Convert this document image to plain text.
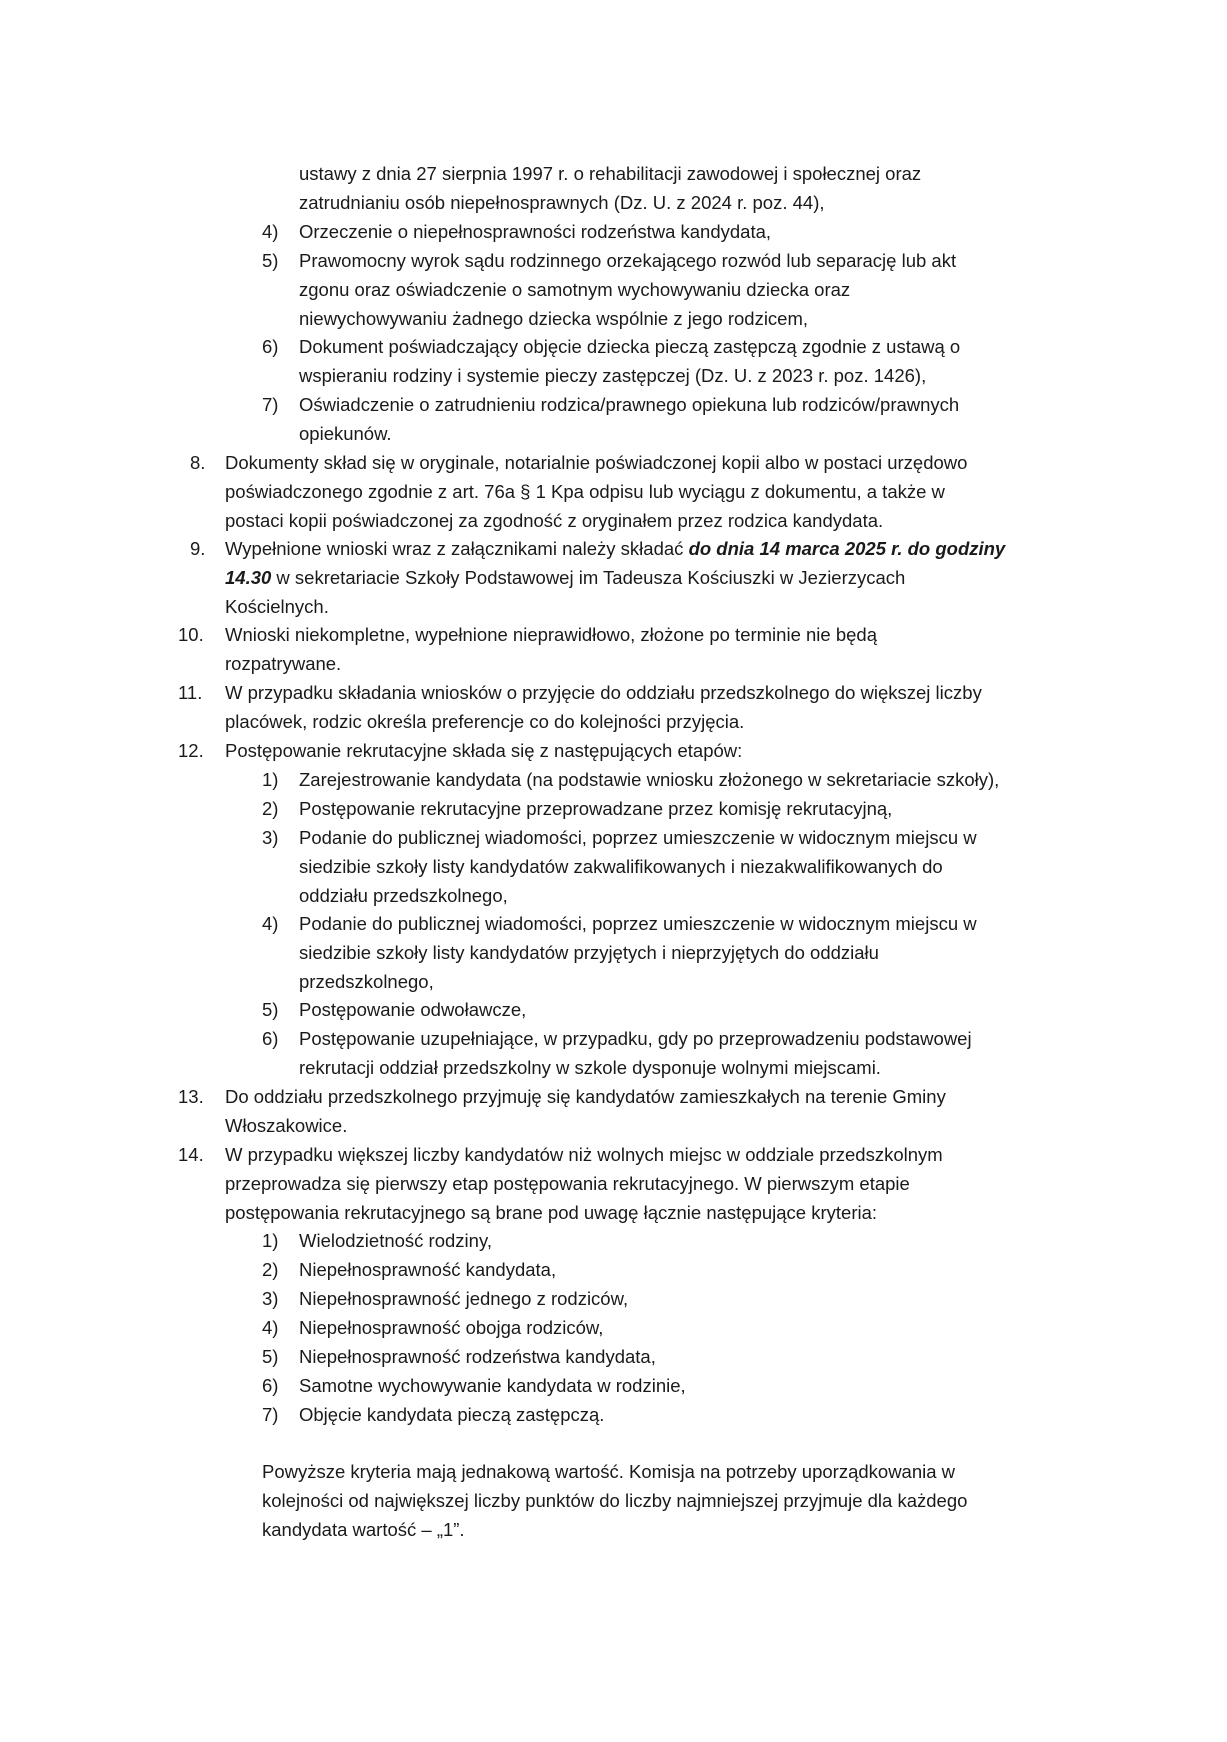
ustawy z dnia 27 sierpnia 1997 r. o rehabilitacji zawodowej i społecznej oraz
zatrudnianiu osób niepełnosprawnych (Dz. U. z 2024 r. poz. 44),
4) Orzeczenie o niepełnosprawności rodzeństwa kandydata,
5) Prawomocny wyrok sądu rodzinnego orzekającego rozwód lub separację lub akt
zgonu oraz oświadczenie o samotnym wychowywaniu dziecka oraz
niewychowywaniu żadnego dziecka wspólnie z jego rodzicem,
6) Dokument poświadczający objęcie dziecka pieczą zastępczą zgodnie z ustawą o
wspieraniu rodziny i systemie pieczy zastępczej (Dz. U. z 2023 r. poz. 1426),
7) Oświadczenie o zatrudnieniu rodzica/prawnego opiekuna lub rodziców/prawnych
opiekunów.
8. Dokumenty skład się w oryginale, notarialnie poświadczonej kopii albo w postaci urzędowo
poświadczonego zgodnie z art. 76a § 1 Kpa odpisu lub wyciągu z dokumentu, a także w
postaci kopii poświadczonej za zgodność z oryginałem przez rodzica kandydata.
9. Wypełnione wnioski wraz z załącznikami należy składać do dnia 14 marca 2025 r. do godziny
14.30 w sekretariacie Szkoły Podstawowej im Tadeusza Kościuszki w Jezierzycach
Kościelnych.
10. Wnioski niekompletne, wypełnione nieprawidłowo, złożone po terminie nie będą
rozpatrywane.
11. W przypadku składania wniosków o przyjęcie do oddziału przedszkolnego do większej liczby
placówek, rodzic określa preferencje co do kolejności przyjęcia.
12. Postępowanie rekrutacyjne składa się z następujących etapów:
1) Zarejestrowanie kandydata (na podstawie wniosku złożonego w sekretariacie szkoły),
2) Postępowanie rekrutacyjne przeprowadzane przez komisję rekrutacyjną,
3) Podanie do publicznej wiadomości, poprzez umieszczenie w widocznym miejscu w
siedzibie szkoły listy kandydatów zakwalifikowanych i niezakwalifikowanych do
oddziału przedszkolnego,
4) Podanie do publicznej wiadomości, poprzez umieszczenie w widocznym miejscu w
siedzibie szkoły listy kandydatów przyjętych i nieprzyjętych do oddziału
przedszkolnego,
5) Postępowanie odwoławcze,
6) Postępowanie uzupełniające, w przypadku, gdy po przeprowadzeniu podstawowej
rekrutacji oddział przedszkolny w szkole dysponuje wolnymi miejscami.
13. Do oddziału przedszkolnego przyjmuję się kandydatów zamieszkałych na terenie Gminy
Włoszakowice.
14. W przypadku większej liczby kandydatów niż wolnych miejsc w oddziale przedszkolnym
przeprowadza się pierwszy etap postępowania rekrutacyjnego. W pierwszym etapie
postępowania rekrutacyjnego są brane pod uwagę łącznie następujące kryteria:
1) Wielodzietność rodziny,
2) Niepełnosprawność kandydata,
3) Niepełnosprawność jednego z rodziców,
4) Niepełnosprawność obojga rodziców,
5) Niepełnosprawność rodzeństwa kandydata,
6) Samotne wychowywanie kandydata w rodzinie,
7) Objęcie kandydata pieczą zastępczą.
Powyższe kryteria mają jednakową wartość. Komisja na potrzeby uporządkowania w
kolejności od największej liczby punktów do liczby najmniejszej przyjmuje dla każdego
kandydata wartość – „1”.
